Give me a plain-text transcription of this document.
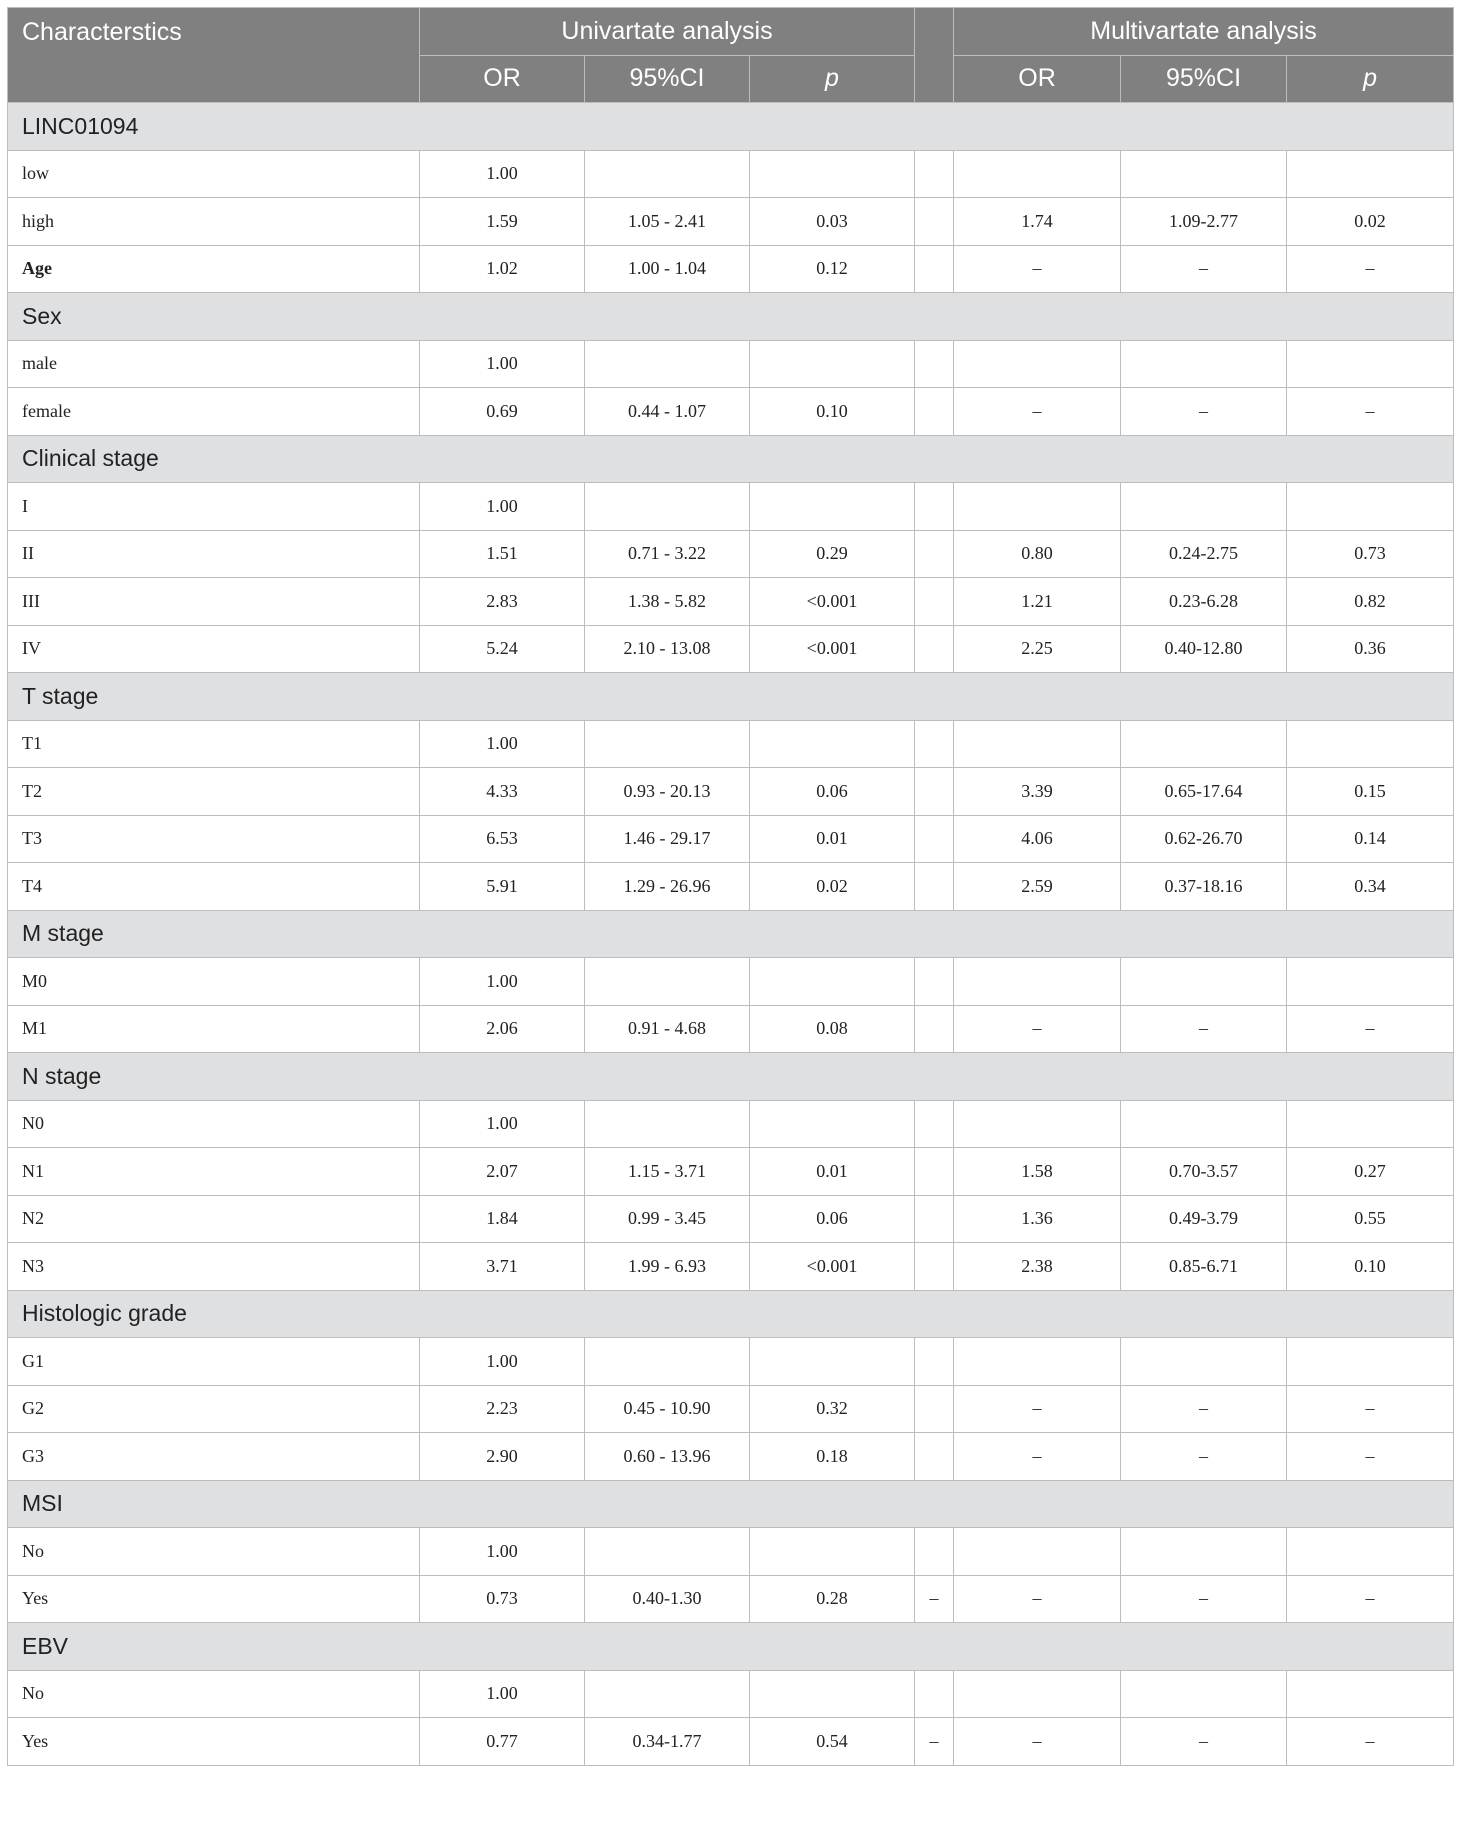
Characterstics	Univartate analysis				Multivartate analysis		
	OR	95%CI	p		OR	95%CI	p
LINC01094							
low	1.00						
high	1.59	1.05 - 2.41	0.03		1.74	1.09-2.77	0.02
Age	1.02	1.00 - 1.04	0.12		–	–	–
Sex							
male	1.00						
female	0.69	0.44 - 1.07	0.10		–	–	–
Clinical stage							
I	1.00						
II	1.51	0.71 - 3.22	0.29		0.80	0.24-2.75	0.73
III	2.83	1.38 - 5.82	<0.001		1.21	0.23-6.28	0.82
IV	5.24	2.10 - 13.08	<0.001		2.25	0.40-12.80	0.36
T stage							
T1	1.00						
T2	4.33	0.93 - 20.13	0.06		3.39	0.65-17.64	0.15
T3	6.53	1.46 - 29.17	0.01		4.06	0.62-26.70	0.14
T4	5.91	1.29 - 26.96	0.02		2.59	0.37-18.16	0.34
M stage							
M0	1.00						
M1	2.06	0.91 - 4.68	0.08		–	–	–
N stage							
N0	1.00						
N1	2.07	1.15 - 3.71	0.01		1.58	0.70-3.57	0.27
N2	1.84	0.99 - 3.45	0.06		1.36	0.49-3.79	0.55
N3	3.71	1.99 - 6.93	<0.001		2.38	0.85-6.71	0.10
Histologic grade							
G1	1.00						
G2	2.23	0.45 - 10.90	0.32		–	–	–
G3	2.90	0.60 - 13.96	0.18		–	–	–
MSI							
No	1.00						
Yes	0.73	0.40-1.30	0.28	–	–	–	–
EBV							
No	1.00						
Yes	0.77	0.34-1.77	0.54	–	–	–	–
